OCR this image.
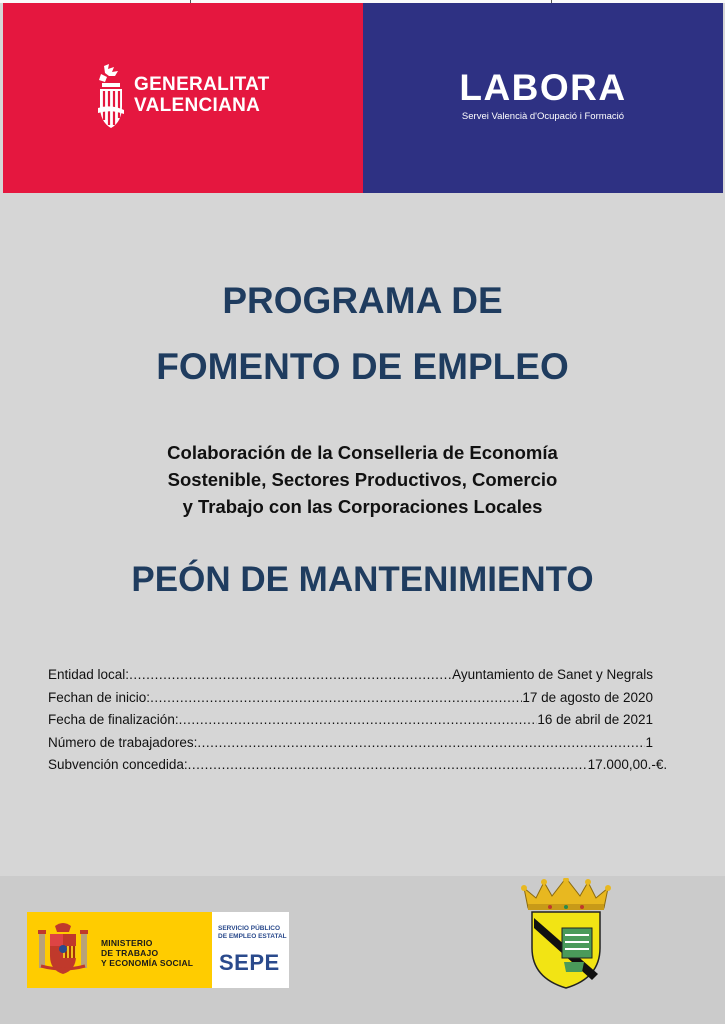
GENERALITAT
VALENCIANA	LABORA
Servei Valencià d'Ocupació i Formació
PROGRAMA DE
FOMENTO DE EMPLEO
Colaboración de la Conselleria de Economía
Sostenible, Sectores Productivos, Comercio
y Trabajo con las Corporaciones Locales
PEÓN DE MANTENIMIENTO
Entidad local: .....	Ayuntamiento de Sanet y Negrals
Fechan de inicio: .....	17 de agosto de 2020
Fecha de finalización: .....	16 de abril de 2021
Número de trabajadores: .....	1
Subvención concedida: .....	17.000,00.-€.
MINISTERIO
DE TRABAJO
Y ECONOMÍA SOCIAL
SERVICIO PÚBLICO
DE EMPLEO ESTATAL
SEPE
